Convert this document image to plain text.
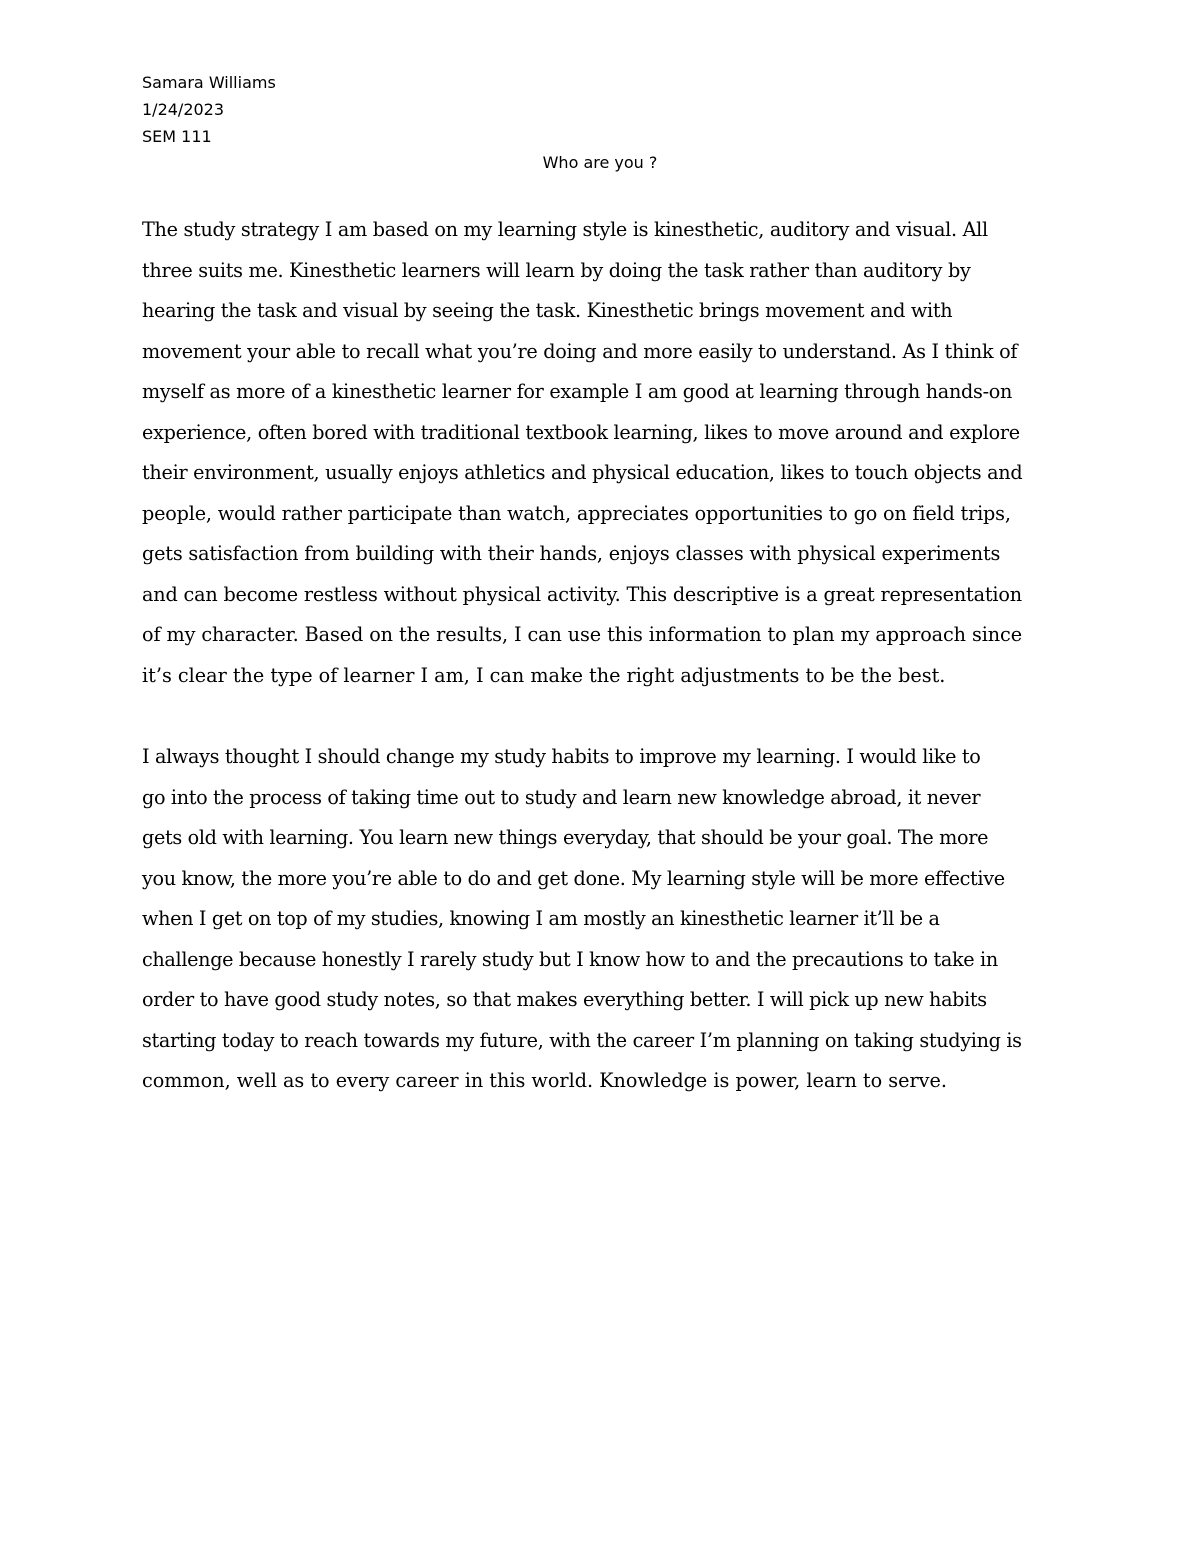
Samara Williams
1/24/2023
SEM 111
Who are you ?
The study strategy I am based on my learning style is kinesthetic, auditory and visual. All
three suits me. Kinesthetic learners will learn by doing the task rather than auditory by
hearing the task and visual by seeing the task. Kinesthetic brings movement and with
movement your able to recall what you’re doing and more easily to understand. As I think of
myself as more of a kinesthetic learner for example I am good at learning through hands-on
experience, often bored with traditional textbook learning, likes to move around and explore
their environment, usually enjoys athletics and physical education, likes to touch objects and
people, would rather participate than watch, appreciates opportunities to go on field trips,
gets satisfaction from building with their hands, enjoys classes with physical experiments
and can become restless without physical activity. This descriptive is a great representation
of my character. Based on the results, I can use this information to plan my approach since
it’s clear the type of learner I am, I can make the right adjustments to be the best.
I always thought I should change my study habits to improve my learning. I would like to
go into the process of taking time out to study and learn new knowledge abroad, it never
gets old with learning. You learn new things everyday, that should be your goal. The more
you know, the more you’re able to do and get done. My learning style will be more effective
when I get on top of my studies, knowing I am mostly an kinesthetic learner it’ll be a
challenge because honestly I rarely study but I know how to and the precautions to take in
order to have good study notes, so that makes everything better. I will pick up new habits
starting today to reach towards my future, with the career I’m planning on taking studying is
common, well as to every career in this world. Knowledge is power, learn to serve.
